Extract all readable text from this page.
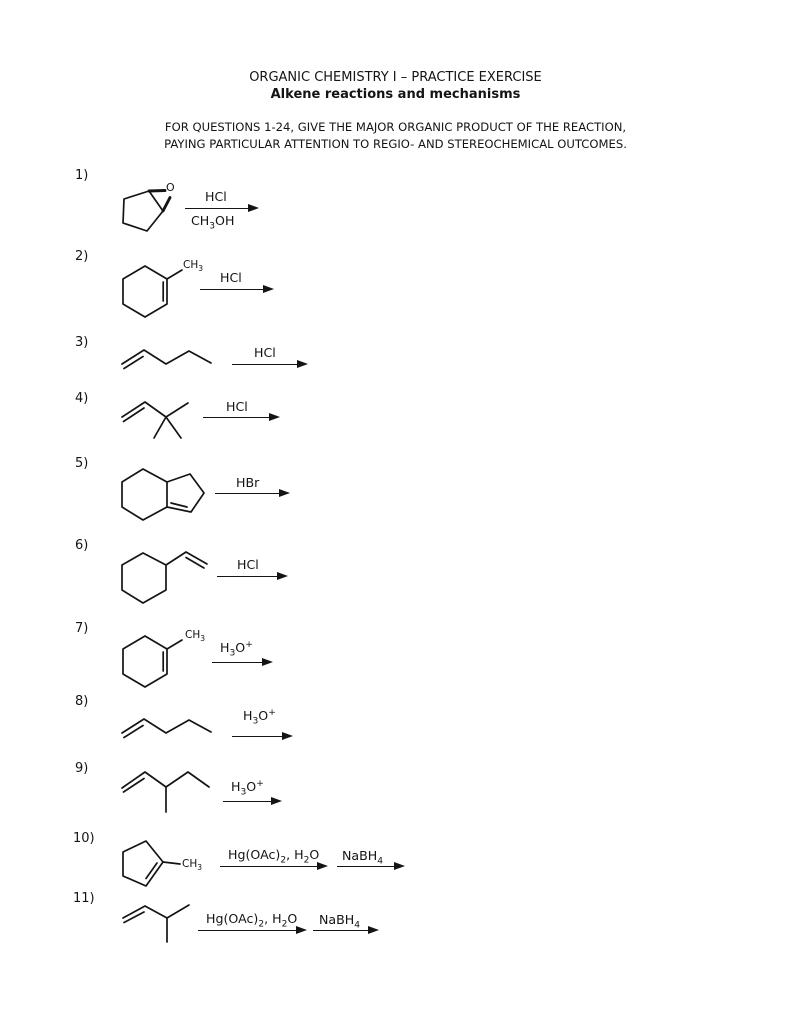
ORGANIC CHEMISTRY I – PRACTICE EXERCISE
Alkene reactions and mechanisms
FOR QUESTIONS 1-24, GIVE THE MAJOR ORGANIC PRODUCT OF THE REACTION,
PAYING PARTICULAR ATTENTION TO REGIO- AND STEREOCHEMICAL OUTCOMES.
1)
O
HCl
$CH_3OH$
2)
$CH_3$
HCl
3)
HCl
4)
HCl
5)
HBr
6)
HCl
7)	$CH_3$
$H_3O^+$
8)
$H_3O^+$
9)
$H_3O^+$
10)
$CH_3$
$Hg(OAc)_2$, $H_2O$ NaBH$_4$
11)
$Hg(OAc)_2$, $H_2O$ NaBH$_4$
